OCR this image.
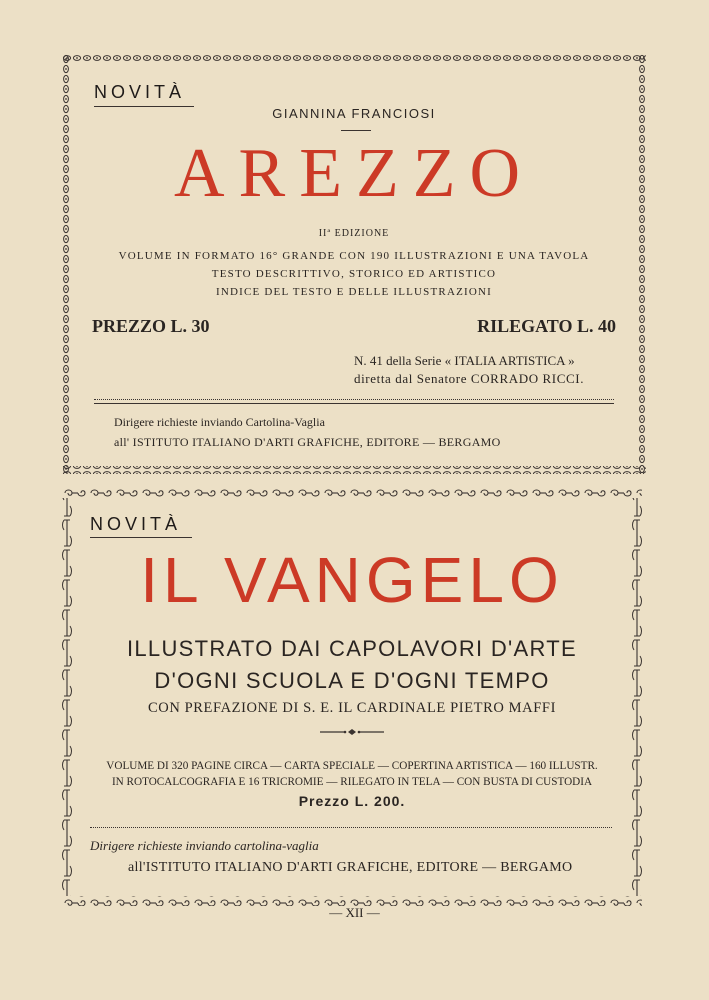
NOVITÀ
GIANNINA FRANCIOSI
AREZZO
IIª EDIZIONE
VOLUME IN FORMATO 16° GRANDE CON 190 ILLUSTRAZIONI E UNA TAVOLA
TESTO DESCRITTIVO, STORICO ED ARTISTICO
INDICE DEL TESTO E DELLE ILLUSTRAZIONI
PREZZO L. 30	RILEGATO L. 40
N. 41 della Serie « ITALIA ARTISTICA »
diretta dal Senatore CORRADO RICCI.
Dirigere richieste inviando Cartolina-Vaglia
all' ISTITUTO ITALIANO D'ARTI GRAFICHE, EDITORE — BERGAMO
NOVITÀ
IL VANGELO
ILLUSTRATO DAI CAPOLAVORI D'ARTE
D'OGNI SCUOLA E D'OGNI TEMPO
CON PREFAZIONE DI S. E. IL CARDINALE PIETRO MAFFI
VOLUME DI 320 PAGINE CIRCA — CARTA SPECIALE — COPERTINA ARTISTICA — 160 ILLUSTR.
IN ROTOCALCOGRAFIA E 16 TRICROMIE — RILEGATO IN TELA — CON BUSTA DI CUSTODIA
Prezzo L. 200.
Dirigere richieste inviando cartolina-vaglia
all'ISTITUTO ITALIANO D'ARTI GRAFICHE, EDITORE — BERGAMO
— XII —
